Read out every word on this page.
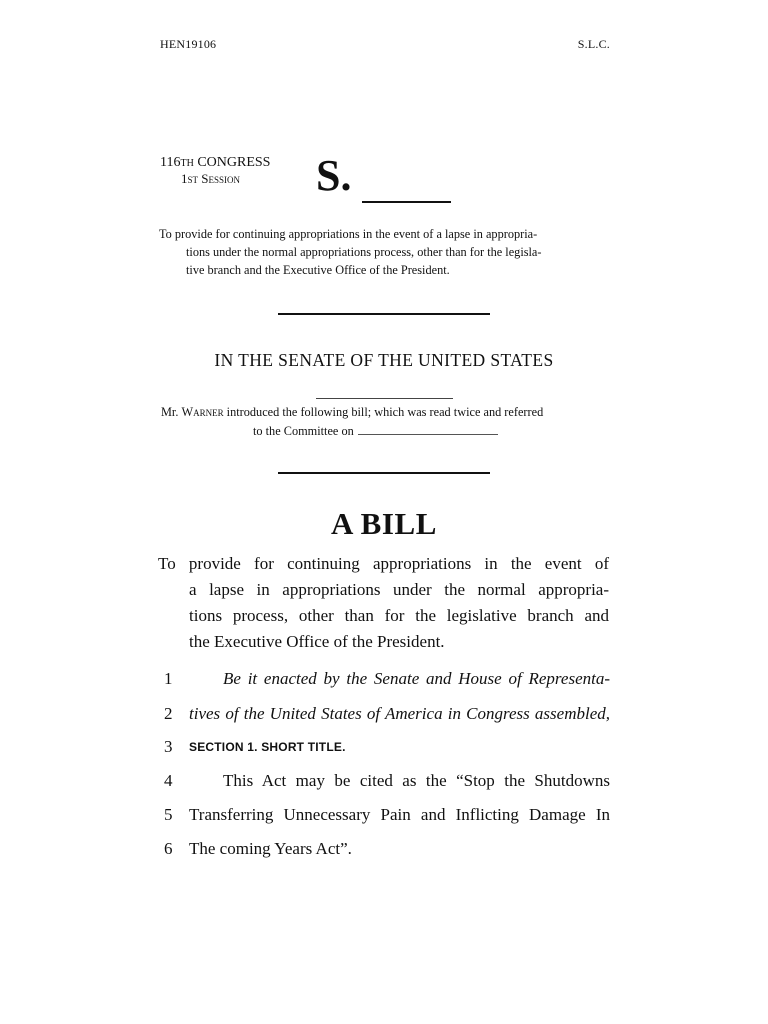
HEN19106	S.L.C.
116th CONGRESS
1st Session S.
To provide for continuing appropriations in the event of a lapse in appropria-
tions under the normal appropriations process, other than for the legisla-
tive branch and the Executive Office of the President.
IN THE SENATE OF THE UNITED STATES
Mr. Warner introduced the following bill; which was read twice and referred
to the Committee on
A BILL
To provide for continuing appropriations in the event of
a lapse in appropriations under the normal appropria-
tions process, other than for the legislative branch and
the Executive Office of the President.
1	Be it enacted by the Senate and House of Representa-
2 tives of the United States of America in Congress assembled,
3	SECTION 1. SHORT TITLE.
4	This Act may be cited as the “Stop the Shutdowns
5 Transferring Unnecessary Pain and Inflicting Damage In
6 The coming Years Act”.
